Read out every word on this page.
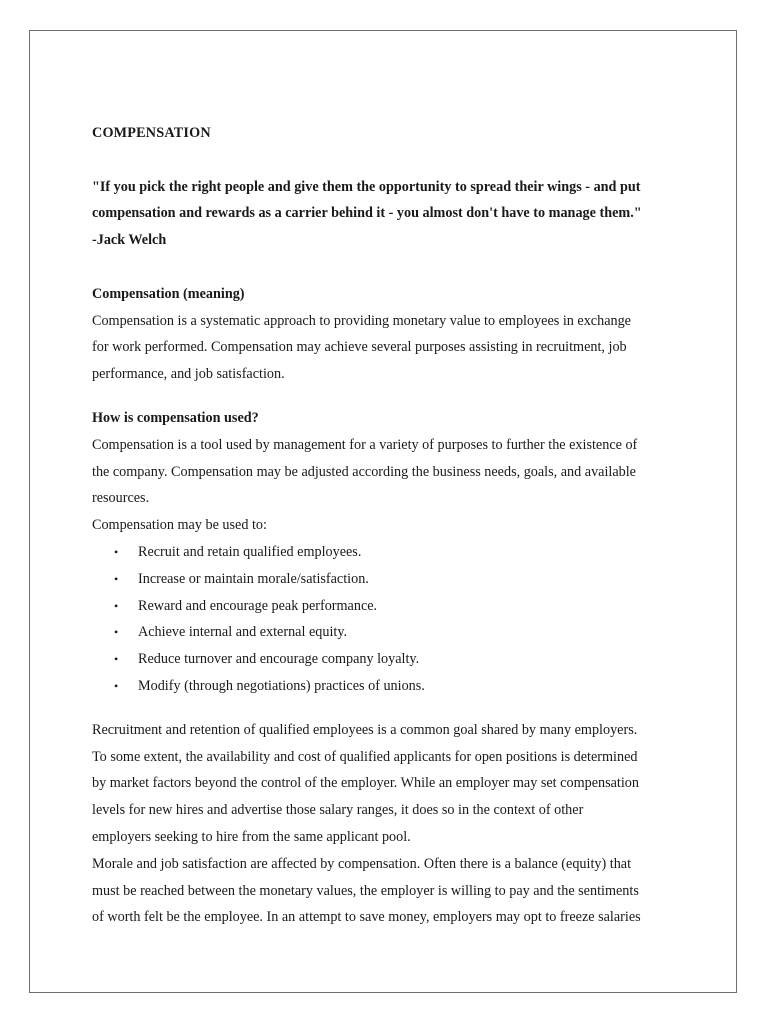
COMPENSATION
"If you pick the right people and give them the opportunity to spread their wings - and put
compensation and rewards as a carrier behind it - you almost don't have to manage them."
-Jack Welch
Compensation (meaning)
Compensation is a systematic approach to providing monetary value to employees in exchange
for work performed. Compensation may achieve several purposes assisting in recruitment, job
performance, and job satisfaction.
How is compensation used?
Compensation is a tool used by management for a variety of purposes to further the existence of
the company. Compensation may be adjusted according the business needs, goals, and available
resources.
Compensation may be used to:
• Recruit and retain qualified employees.
• Increase or maintain morale/satisfaction.
• Reward and encourage peak performance.
• Achieve internal and external equity.
• Reduce turnover and encourage company loyalty.
• Modify (through negotiations) practices of unions.
Recruitment and retention of qualified employees is a common goal shared by many employers.
To some extent, the availability and cost of qualified applicants for open positions is determined
by market factors beyond the control of the employer. While an employer may set compensation
levels for new hires and advertise those salary ranges, it does so in the context of other
employers seeking to hire from the same applicant pool.
Morale and job satisfaction are affected by compensation. Often there is a balance (equity) that
must be reached between the monetary values, the employer is willing to pay and the sentiments
of worth felt be the employee. In an attempt to save money, employers may opt to freeze salaries
